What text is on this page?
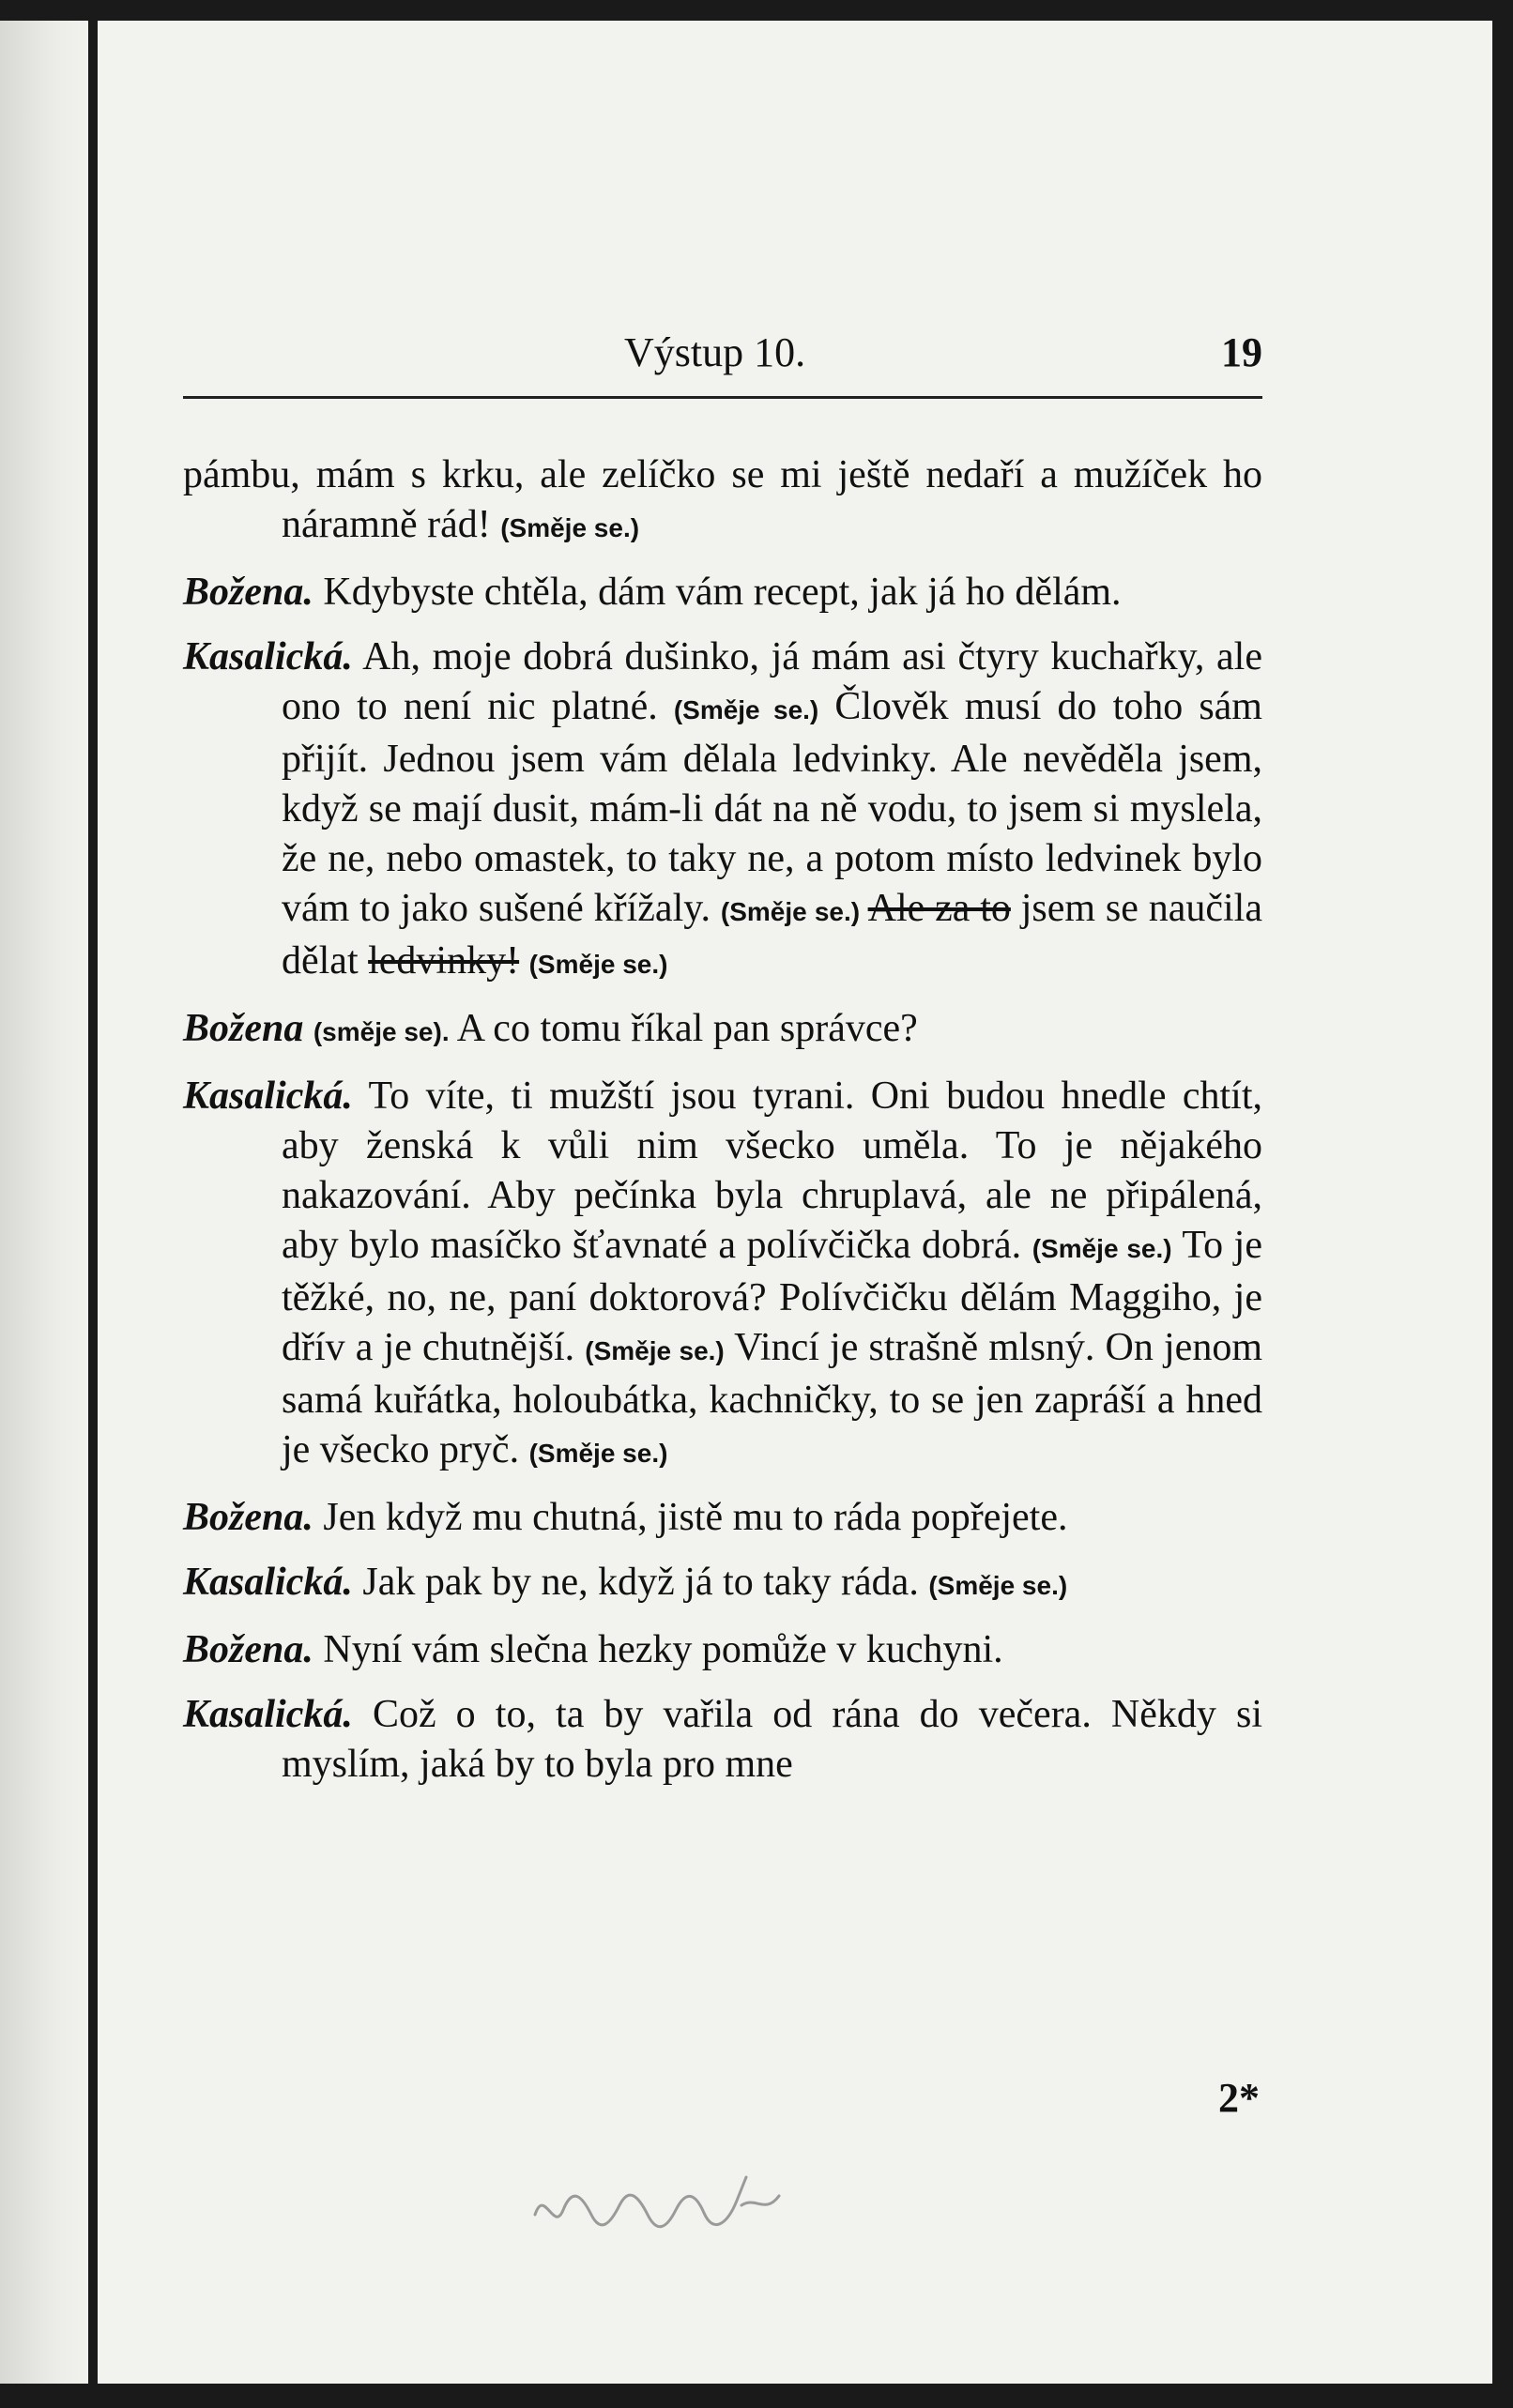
Výstup 10.	19

pámbu, mám s krku, ale zelíčko se mi ještě nedaří a mužíček ho náramně rád! (Směje se.)

Božena. Kdybyste chtěla, dám vám recept, jak já ho dělám.

Kasalická. Ah, moje dobrá dušinko, já mám asi čtyry kuchařky, ale ono to není nic platné. (Směje se.) Člověk musí do toho sám přijít. Jednou jsem vám dělala ledvinky. Ale nevěděla jsem, když se mají dusit, mám-li dát na ně vodu, to jsem si myslela, že ne, nebo omastek, to taky ne, a potom místo ledvinek bylo vám to jako sušené křížaly. (Směje se.) Ale za to jsem se naučila dělat ledvinky! (Směje se.)

Božena (směje se). A co tomu říkal pan správce?

Kasalická. To víte, ti mužští jsou tyrani. Oni budou hnedle chtít, aby ženská k vůli nim všecko uměla. To je nějakého nakazování. Aby pečínka byla chruplavá, ale ne připálená, aby bylo masíčko šťavnaté a polívčička dobrá. (Směje se.) To je těžké, no, ne, paní doktorová? Polívčičku dělám Maggiho, je dřív a je chutnější. (Směje se.) Vincí je strašně mlsný. On jenom samá kuřátka, holoubátka, kachničky, to se jen zapráší a hned je všecko pryč. (Směje se.)

Božena. Jen když mu chutná, jistě mu to ráda popřejete.

Kasalická. Jak pak by ne, když já to taky ráda. (Směje se.)

Božena. Nyní vám slečna hezky pomůže v kuchyni.

Kasalická. Což o to, ta by vařila od rána do večera. Někdy si myslím, jaká by to byla pro mne

2*
